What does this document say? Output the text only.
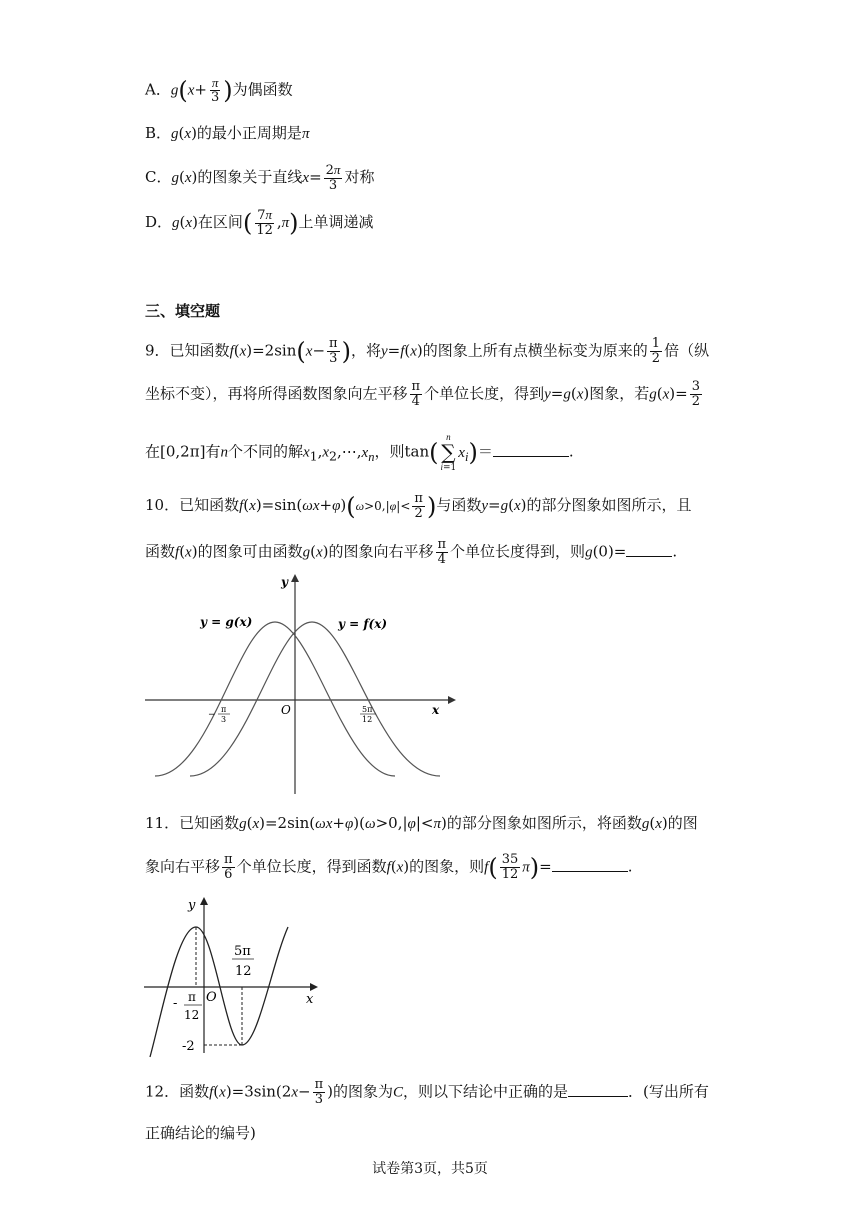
A．$g(x+ \frac{\pi}{3}$ )为偶函数
B．g(x)的最小正周期是π
C．g(x)的图象关于直线$x= \frac{2\pi}{3}$ 对称
D．g(x)在区间( $\frac{7\pi}{12} ,\pi$)上单调递减
三、填空题
9．已知函数$f(x)=2\sin(x- \frac{\pi}{3}$ )，将y=f(x)的图象上所有点横坐标变为原来的 $\frac{1}{2}$ 倍（纵
坐标不变），再将所得函数图象向左平移 $\frac{\pi}{4}$ 个单位长度，得到y=g(x)图象，若$g(x)= \frac{3}{2}$
在[0,2π]有n个不同的解$x_1,x_2,\cdots,x_n$，则tan(
n
∑
i=1
$x_i)=$	.
10．已知函数$f(x)=\sin(\omega x+\varphi)(\omega>0,|\varphi|< \frac{\pi}{2}$ )与函数y=g(x)的部分图象如图所示，且
函数f(x)的图象可由函数g(x)的图象向右平移 $\frac{\pi}{4}$ 个单位长度得到，则g(0)=	.
y
x
O
y = g(x)	y = f(x)
−
π
3
5π
12
11．已知函数g(x)=2sin(ωx+φ)(ω>0,|φ|<π)的部分图象如图所示，将函数g(x)的图
象向右平移 $\frac{\pi}{6}$ 个单位长度，得到函数f(x)的图象，则$f( \frac{35}{12} \pi)=$	.
y
x
O
5π
12
- π
12
-2
12．函数$f(x)=3\sin(2x- \frac{\pi}{3}$ )的图象为C，则以下结论中正确的是	．(写出所有
正确结论的编号)
试卷第3页，共5页
